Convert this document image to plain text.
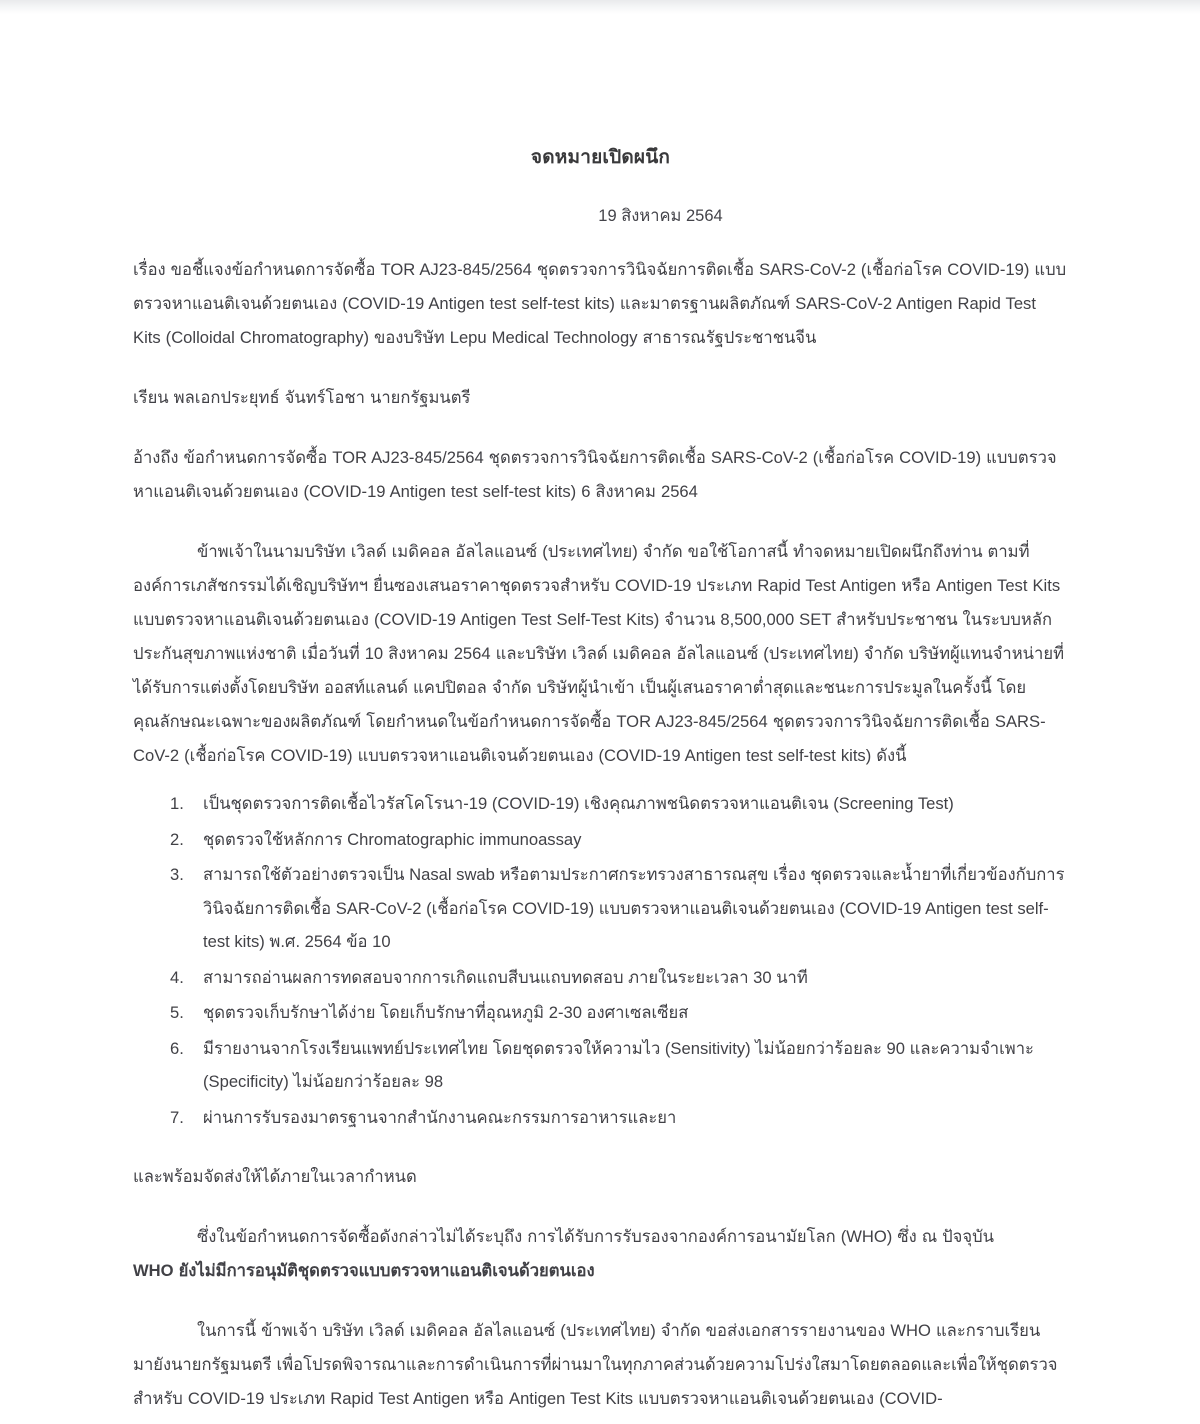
จดหมายเปิดผนึก

19 สิงหาคม 2564

เรื่อง ขอชี้แจงข้อกำหนดการจัดซื้อ TOR AJ23-845/2564 ชุดตรวจการวินิจฉัยการติดเชื้อ SARS-CoV-2 (เชื้อก่อโรค COVID-19) แบบตรวจหาแอนติเจนด้วยตนเอง (COVID-19 Antigen test self-test kits) และมาตรฐานผลิตภัณฑ์ SARS-CoV-2 Antigen Rapid Test Kits (Colloidal Chromatography) ของบริษัท Lepu Medical Technology สาธารณรัฐประชาชนจีน

เรียน พลเอกประยุทธ์ จันทร์โอชา นายกรัฐมนตรี

อ้างถึง ข้อกำหนดการจัดซื้อ TOR AJ23-845/2564 ชุดตรวจการวินิจฉัยการติดเชื้อ SARS-CoV-2 (เชื้อก่อโรค COVID-19) แบบตรวจหาแอนติเจนด้วยตนเอง (COVID-19 Antigen test self-test kits) 6 สิงหาคม 2564

ข้าพเจ้าในนามบริษัท เวิลด์ เมดิคอล อัลไลแอนซ์ (ประเทศไทย) จำกัด ขอใช้โอกาสนี้ ทำจดหมายเปิดผนึกถึงท่าน ตามที่องค์การเภสัชกรรมได้เชิญบริษัทฯ ยื่นซองเสนอราคาชุดตรวจสำหรับ COVID-19 ประเภท Rapid Test Antigen หรือ Antigen Test Kits แบบตรวจหาแอนติเจนด้วยตนเอง (COVID-19 Antigen Test Self-Test Kits) จำนวน 8,500,000 SET สำหรับประชาชน ในระบบหลักประกันสุขภาพแห่งชาติ เมื่อวันที่ 10 สิงหาคม 2564 และบริษัท เวิลด์ เมดิคอล อัลไลแอนซ์ (ประเทศไทย) จำกัด บริษัทผู้แทนจำหน่ายที่ได้รับการแต่งตั้งโดยบริษัท ออสท์แลนด์ แคปปิตอล จำกัด บริษัทผู้นำเข้า เป็นผู้เสนอราคาต่ำสุดและชนะการประมูลในครั้งนี้ โดยคุณลักษณะเฉพาะของผลิตภัณฑ์ โดยกำหนดในข้อกำหนดการจัดซื้อ TOR AJ23-845/2564 ชุดตรวจการวินิจฉัยการติดเชื้อ SARS-CoV-2 (เชื้อก่อโรค COVID-19) แบบตรวจหาแอนติเจนด้วยตนเอง (COVID-19 Antigen test self-test kits) ดังนี้

เป็นชุดตรวจการติดเชื้อไวรัสโคโรนา-19 (COVID-19) เชิงคุณภาพชนิดตรวจหาแอนติเจน (Screening Test)
ชุดตรวจใช้หลักการ Chromatographic immunoassay
สามารถใช้ตัวอย่างตรวจเป็น Nasal swab หรือตามประกาศกระทรวงสาธารณสุข เรื่อง ชุดตรวจและน้ำยาที่เกี่ยวข้องกับการวินิจฉัยการติดเชื้อ SAR-CoV-2 (เชื้อก่อโรค COVID-19) แบบตรวจหาแอนติเจนด้วยตนเอง (COVID-19 Antigen test self-test kits) พ.ศ. 2564 ข้อ 10
สามารถอ่านผลการทดสอบจากการเกิดแถบสีบนแถบทดสอบ ภายในระยะเวลา 30 นาที
ชุดตรวจเก็บรักษาได้ง่าย โดยเก็บรักษาที่อุณหภูมิ 2-30 องศาเซลเซียส
มีรายงานจากโรงเรียนแพทย์ประเทศไทย โดยชุดตรวจให้ความไว (Sensitivity) ไม่น้อยกว่าร้อยละ 90 และความจำเพาะ (Specificity) ไม่น้อยกว่าร้อยละ 98
ผ่านการรับรองมาตรฐานจากสำนักงานคณะกรรมการอาหารและยา

และพร้อมจัดส่งให้ได้ภายในเวลากำหนด

ซึ่งในข้อกำหนดการจัดซื้อดังกล่าวไม่ได้ระบุถึง การได้รับการรับรองจากองค์การอนามัยโลก (WHO) ซึ่ง ณ ปัจจุบัน

WHO ยังไม่มีการอนุมัติชุดตรวจแบบตรวจหาแอนติเจนด้วยตนเอง

ในการนี้ ข้าพเจ้า บริษัท เวิลด์ เมดิคอล อัลไลแอนซ์ (ประเทศไทย) จำกัด ขอส่งเอกสารรายงานของ WHO และกราบเรียนมายังนายกรัฐมนตรี เพื่อโปรดพิจารณาและการดำเนินการที่ผ่านมาในทุกภาคส่วนด้วยความโปร่งใสมาโดยตลอดและเพื่อให้ชุดตรวจสำหรับ COVID-19 ประเภท Rapid Test Antigen หรือ Antigen Test Kits แบบตรวจหาแอนติเจนด้วยตนเอง (COVID-
